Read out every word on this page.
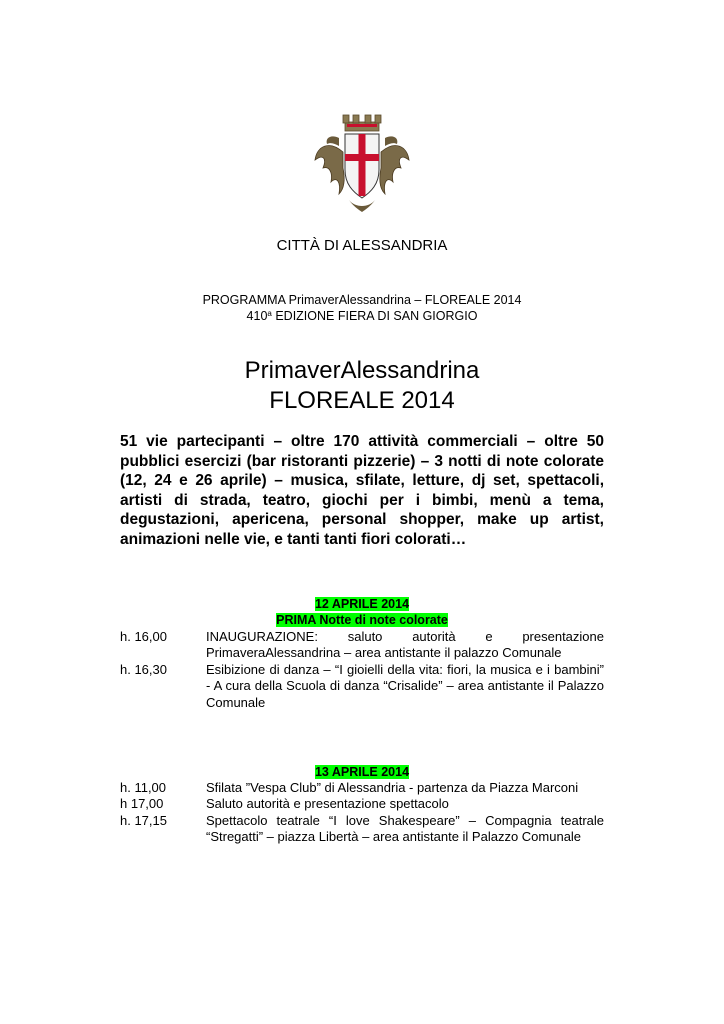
CITTÀ DI ALESSANDRIA
PROGRAMMA PrimaverAlessandrina – FLOREALE 2014
410$^a$ EDIZIONE FIERA DI SAN GIORGIO
PrimaverAlessandrina
FLOREALE 2014
51 vie partecipanti – oltre 170 attività commerciali – oltre 50 pubblici esercizi (bar ristoranti pizzerie) – 3 notti di note colorate (12, 24 e 26 aprile) – musica, sfilate, letture, dj set, spettacoli, artisti di strada, teatro, giochi per i bimbi, menù a tema, degustazioni, apericena, personal shopper, make up artist, animazioni nelle vie, e tanti tanti fiori colorati…
12 APRILE 2014
PRIMA Notte di note colorate
h. 16,00	INAUGURAZIONE: saluto autorità e presentazione PrimaveraAlessandrina – area antistante il palazzo Comunale
h. 16,30	Esibizione di danza – “I gioielli della vita: fiori, la musica e i bambini” - A cura della Scuola di danza “Crisalide” – area antistante il Palazzo Comunale
13 APRILE 2014
h. 11,00	Sfilata ”Vespa Club” di Alessandria - partenza da Piazza Marconi
h 17,00	Saluto autorità e presentazione spettacolo
h. 17,15	Spettacolo teatrale “I love Shakespeare” – Compagnia teatrale “Stregatti” – piazza Libertà – area antistante il Palazzo Comunale
